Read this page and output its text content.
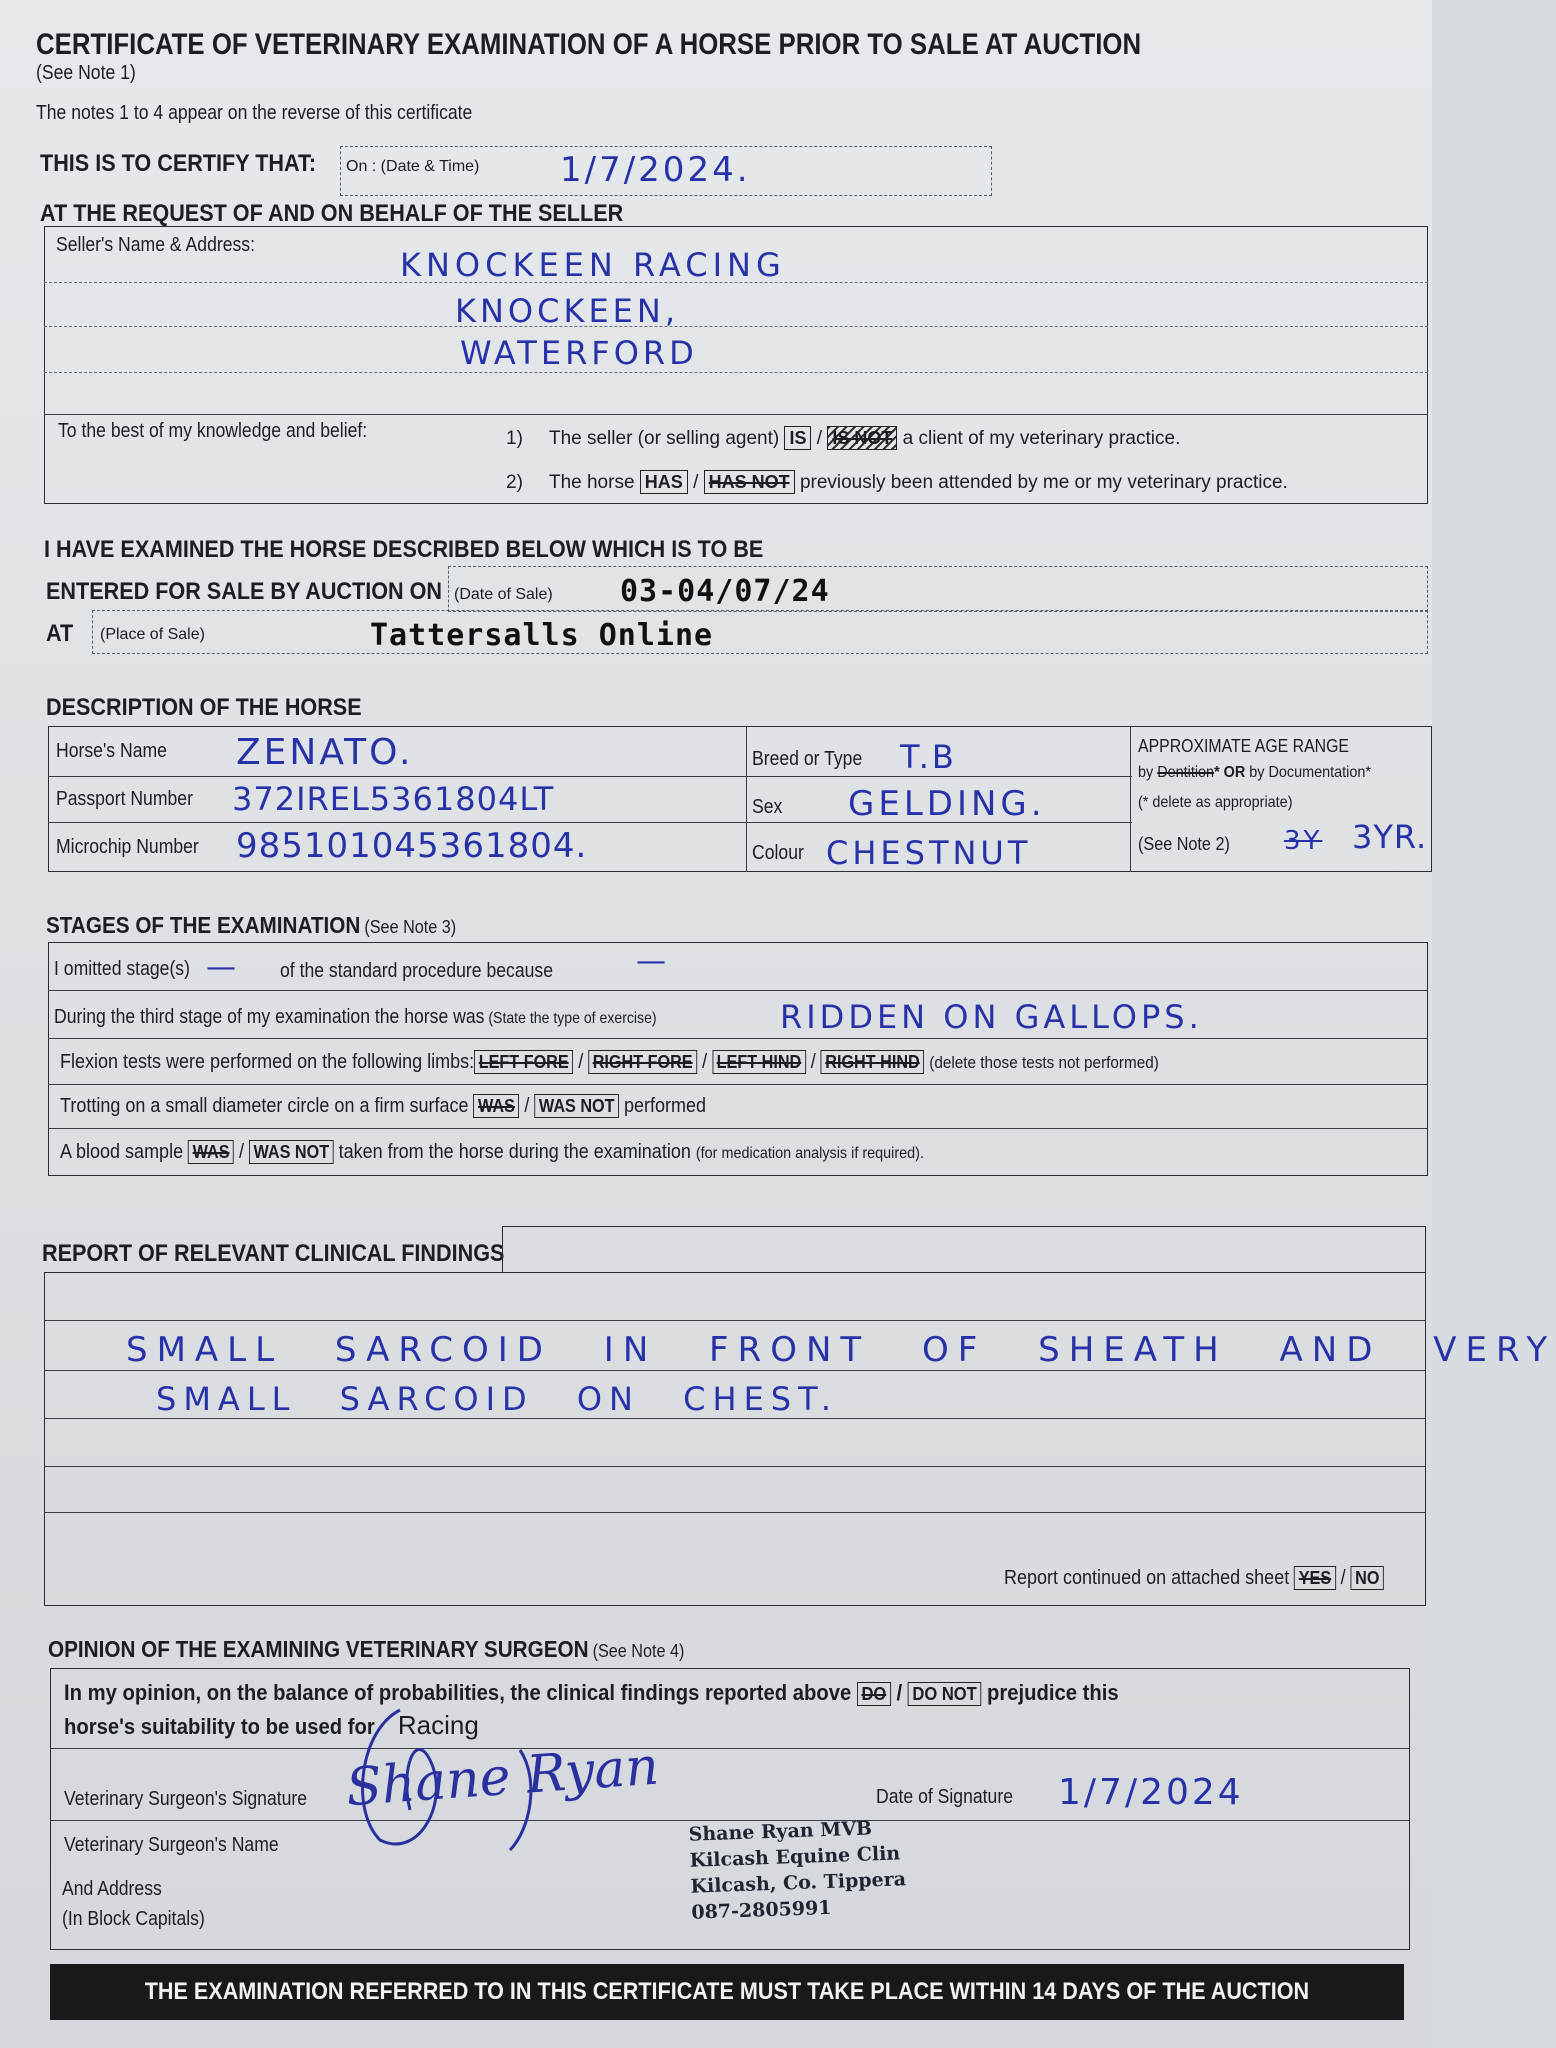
CERTIFICATE OF VETERINARY EXAMINATION OF A HORSE PRIOR TO SALE AT AUCTION
(See Note 1)
The notes 1 to 4 appear on the reverse of this certificate
THIS IS TO CERTIFY THAT: On : (Date & Time) 1/7/2024.
AT THE REQUEST OF AND ON BEHALF OF THE SELLER
Seller's Name & Address:
KNOCKEEN RACING
KNOCKEEN,
WATERFORD
To the best of my knowledge and belief:	1) The seller (or selling agent) IS / IS NOT a client of my veterinary practice.
2) The horse HAS / HAS NOT previously been attended by me or my veterinary practice.
I HAVE EXAMINED THE HORSE DESCRIBED BELOW WHICH IS TO BE
ENTERED FOR SALE BY AUCTION ON (Date of Sale) 03-04/07/24
AT (Place of Sale)	Tattersalls Online
DESCRIPTION OF THE HORSE
Horse's Name ZENATO.
Passport Number 372IREL5361804LT
Microchip Number 985101045361804.
Breed or Type T.B
Sex GELDING.
Colour CHESTNUT
APPROXIMATE AGE RANGE
by Dentition* OR by Documentation*
(* delete as appropriate)
(See Note 2) 3Y 3YR.
STAGES OF THE EXAMINATION (See Note 3)
I omitted stage(s) — of the standard procedure because	—
During the third stage of my examination the horse was (State the type of exercise)	RIDDEN ON GALLOPS.
Flexion tests were performed on the following limbs: LEFT FORE / RIGHT FORE / LEFT HIND / RIGHT HIND (delete those tests not performed)
Trotting on a small diameter circle on a firm surface WAS / WAS NOT performed
A blood sample WAS / WAS NOT taken from the horse during the examination (for medication analysis if required).
REPORT OF RELEVANT CLINICAL FINDINGS
SMALL SARCOID IN FRONT OF SHEATH AND VERY
SMALL SARCOID ON CHEST.
Report continued on attached sheet YES / NO
OPINION OF THE EXAMINING VETERINARY SURGEON (See Note 4)
In my opinion, on the balance of probabilities, the clinical findings reported above DO / DO NOT prejudice this
horse's suitability to be used for Racing
Veterinary Surgeon's Signature Shane Ryan	Date of Signature 1/7/2024
Veterinary Surgeon's Name
And Address
(In Block Capitals)
Shane Ryan MVB
Kilcash Equine Clin
Kilcash, Co. Tippera
087-2805991
THE EXAMINATION REFERRED TO IN THIS CERTIFICATE MUST TAKE PLACE WITHIN 14 DAYS OF THE AUCTION
